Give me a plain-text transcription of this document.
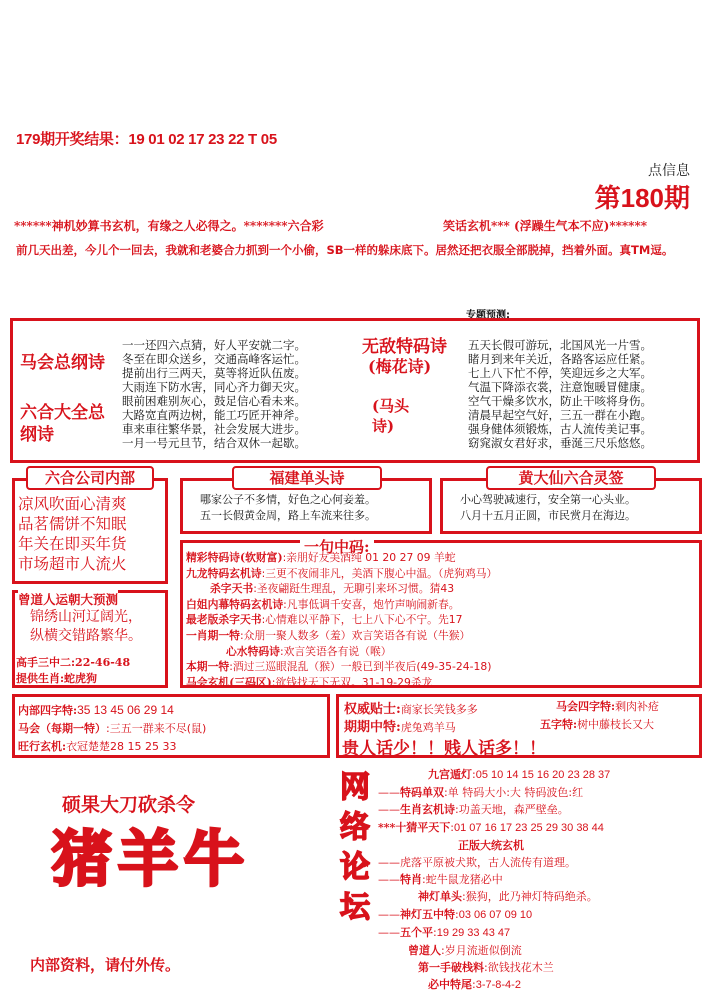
179期开奖结果：19 01 02 17 23 22 T 05
点信息
第180期
******神机妙算书玄机，有缘之人必得之。*******六合彩	笑话玄机*** (浮躁生气本不应)******
前几天出差，今儿个一回去，我就和老婆合力抓到一个小偷，SB一样的躲床底下。居然还把衣服全部脱掉，挡着外面。真TM逗。
专题预测:
马会总纲诗
六合大全总纲诗
一一还四六点猜，好人平安就二字。
冬至在即众送乡，交通高峰客运忙。
提前出行三两天，莫等将近队伍废。
大雨连下防水害，同心齐力御天灾。
眼前困难别灰心，鼓足信心看未来。
大路宽直两边树，能工巧匠开神斧。
車来車往繁华景，社会发展大进步。
一月一号元旦节，结合双休一起歇。
无敌特码诗
(梅花诗)
(马头诗)
五天长假可游玩，北国风光一片雪。
睹月到来年关近，各路客运应任紧。
七上八下忙不停，笑迎远乡之大军。
气温下降添衣裳，注意饱暖冒健康。
空气干燥多饮水，防止干咳将身伤。
清晨早起空气好，三五一群在小跑。
强身健体须锻炼，古人流传美记事。
窈窕淑女君好求，垂涎三尺乐悠悠。
六合公司内部
凉风吹面心清爽
品茗儒饼不知眠
年关在即买年货
市场超市人流火
福建单头诗
哪家公子不多情，好色之心何妾羞。
五一长假黄金周，路上车流来往多。
黄大仙六合灵签
小心驾驶减速行，安全第一心头业。
八月十五月正圆，市民赏月在海边。
一句中码:
精彩特码诗(软财富):亲朋好友美酒纯 01 20 27 09 羊蛇
九龙特码玄机诗:三更不夜闹非凡，美酒下腹心中温。（虎狗鸡马）
杀字天书:圣夜翩跹生理乱，无聊引来坏习惯。猜43
白姐内幕特码玄机诗:凡事低调千安喜，炮竹声响闹新春。
最老版杀字天书:心情难以平静下，七上八下心不宁。先17
一肖期一特:众朋一聚人数多（羞）欢言笑语各有说（牛猴）
心水特码诗:欢言笑语各有说（喉）
本期一特:酒过三巡眼混乱（猴）一般已到半夜后(49-35-24-18)
马会玄机(三码区):欲钱找天下无双。31-19-29杀龙
曾道人运朝大预测
锦绣山河辽阔光，
纵横交错路繁华。
高手三中二:22-46-48
提供生肖:蛇虎狗
内部四字特:35 13 45 06 29 14
马会（每期一特）:三五一群来不尽(鼠)
旺行玄机:衣冠楚楚28 15 25 33
权威贴士:商家长笑钱多多
期期中特:虎兔鸡羊马
马会四字特:剩肉补疮
五字特:树中藤枝长又大
贵人话少！！贱人话多！！
硕果大刀砍杀令
猪羊牛
内部资料，请付外传。
网
络
论
坛
九宫遁灯:05 10 14 15 16 20 23 28 37
——特码单双:单 特码大小:大 特码波色:红
——生肖玄机诗:功盖天地，森严壁垒。
***十猜平天下:01 07 16 17 23 25 29 30 38 44
正版大统玄机
——虎落平原被犬欺，古人流传有道理。
——特肖:蛇牛鼠龙猪必中
神灯单头:猴狗，此乃神灯特码绝杀。
——神灯五中特:03 06 07 09 10
——五个平:19 29 33 43 47
曾道人:岁月流逝似倒流
第一手破栈料:欲钱找花木兰
必中特尾:3-7-8-4-2
